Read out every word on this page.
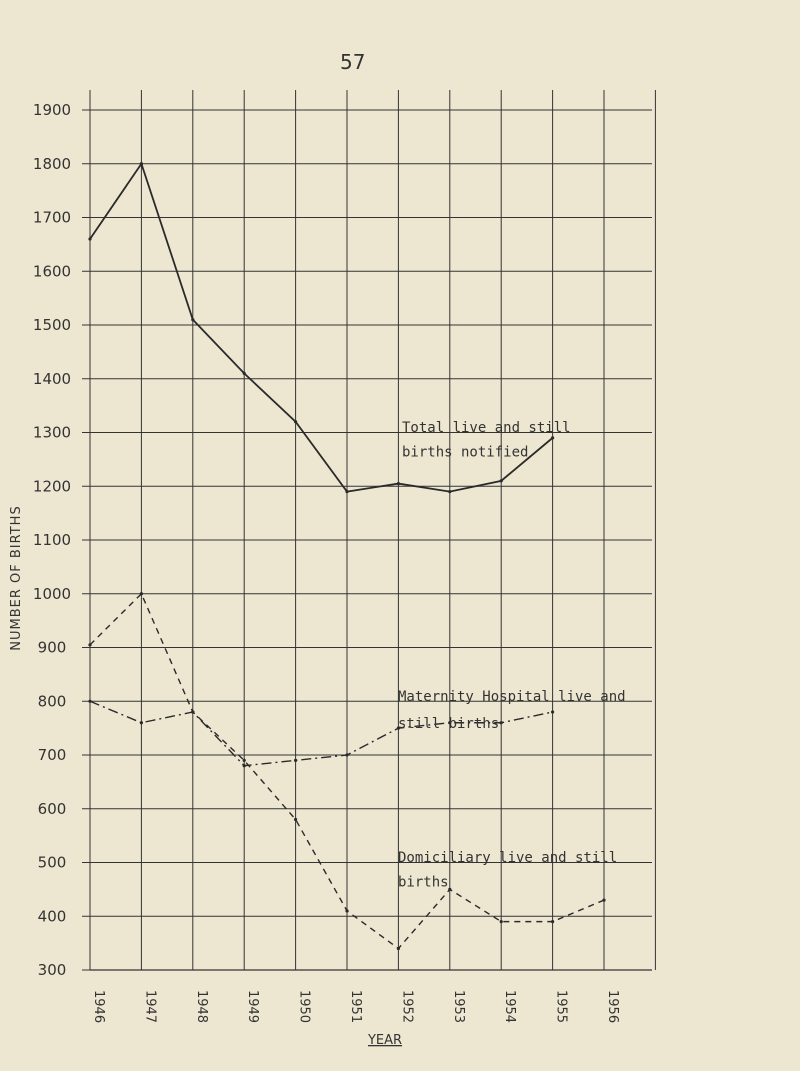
57
1900
1800
1700
1600
1500
1400
1300
1200
1100
1000
900
800
700
600
500
400
300
1946	1947	1948	1949	1950	1951	1952	1953	1954	1955	1956
Total live and still
births notified
Maternity Hospital live and
still births
Domiciliary live and still
births
NUMBER OF BIRTHS
YEAR
